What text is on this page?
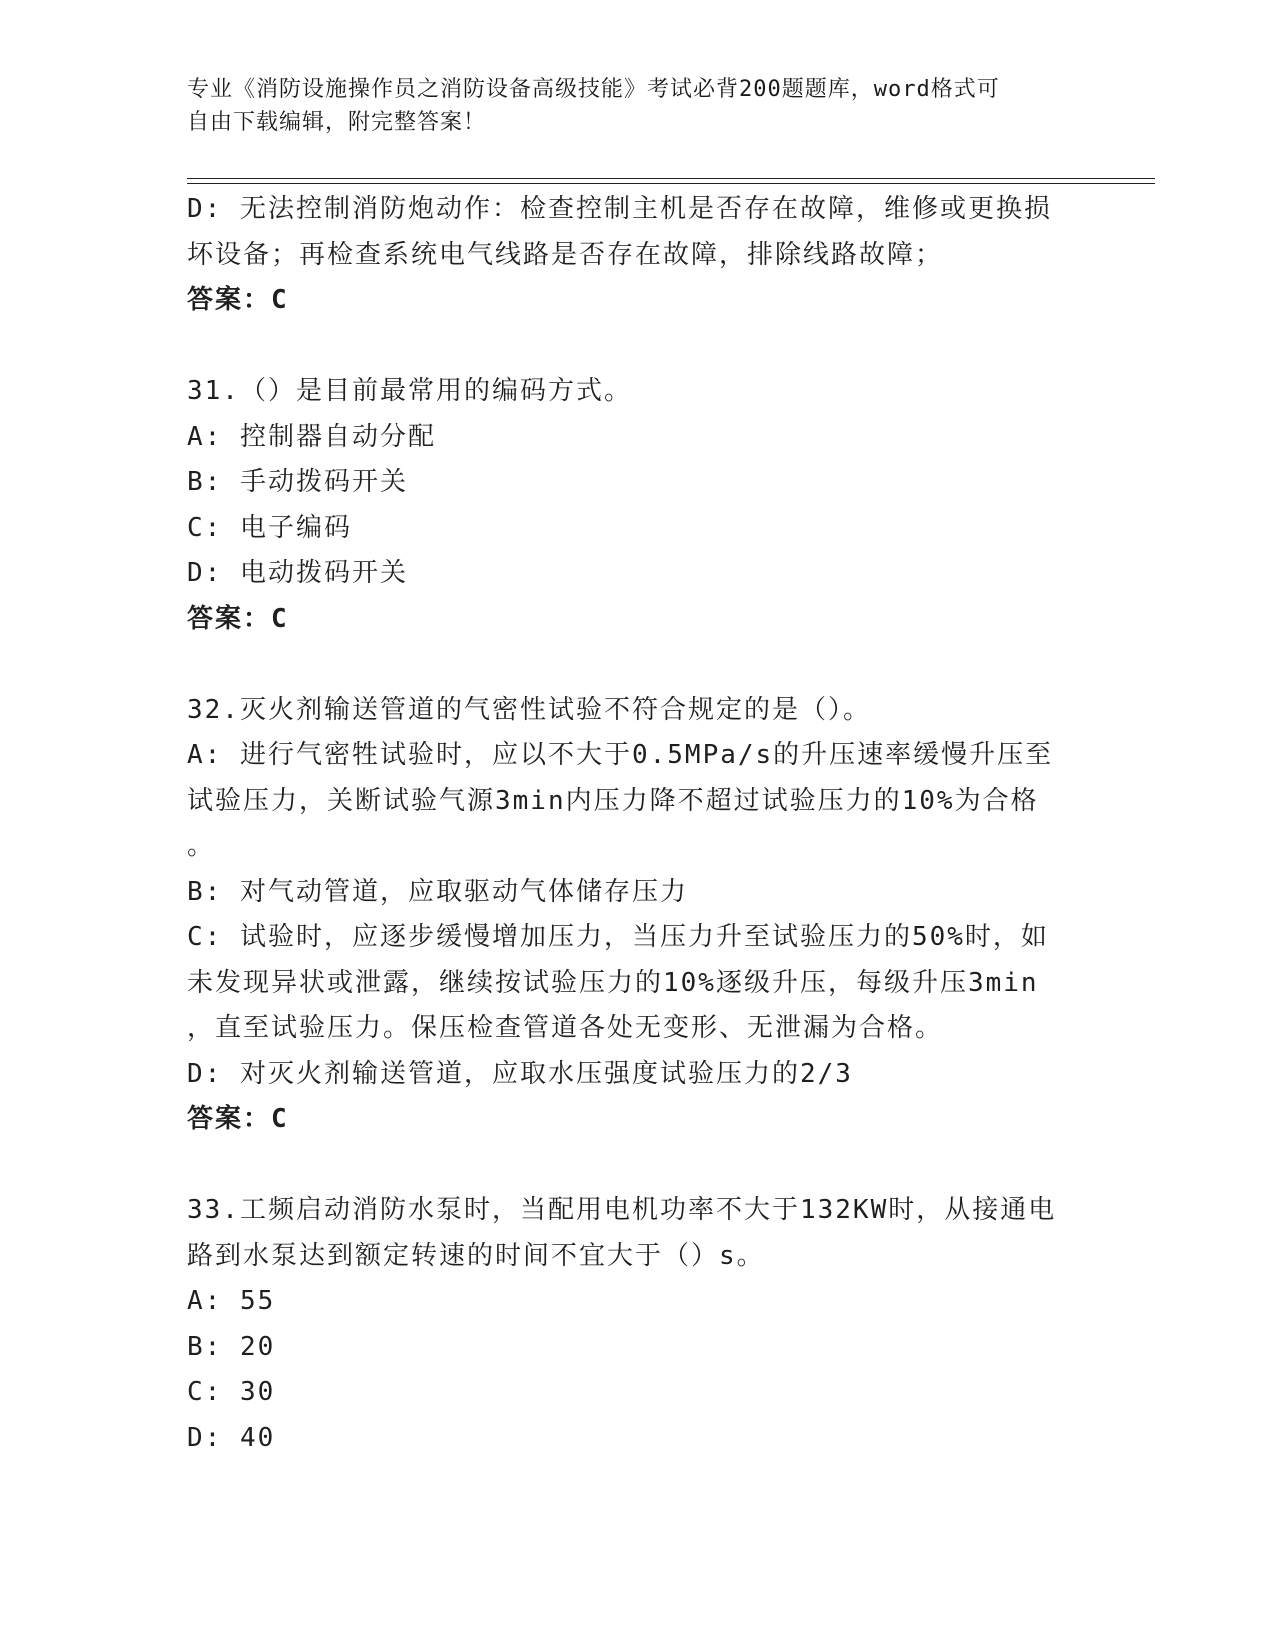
专业《消防设施操作员之消防设备高级技能》考试必背200题题库，word格式可
自由下载编辑，附完整答案！
D: 无法控制消防炮动作：检查控制主机是否存在故障，维修或更换损
坏设备；再检查系统电气线路是否存在故障，排除线路故障；
答案：C
31.（）是目前最常用的编码方式。
A: 控制器自动分配
B: 手动拨码开关
C: 电子编码
D: 电动拨码开关
答案：C
32.灭火剂输送管道的气密性试验不符合规定的是（）。
A: 进行气密牲试验时，应以不大于0.5MPa/s的升压速率缓慢升压至
试验压力，关断试验气源3min内压力降不超过试验压力的10%为合格
。
B: 对气动管道，应取驱动气体储存压力
C: 试验时，应逐步缓慢增加压力，当压力升至试验压力的50%时，如
未发现异状或泄露，继续按试验压力的10%逐级升压，每级升压3min
，直至试验压力。保压检查管道各处无变形、无泄漏为合格。
D: 对灭火剂输送管道，应取水压强度试验压力的2/3
答案：C
33.工频启动消防水泵时，当配用电机功率不大于132KW时，从接通电
路到水泵达到额定转速的时间不宜大于（）s。
A: 55
B: 20
C: 30
D: 40
